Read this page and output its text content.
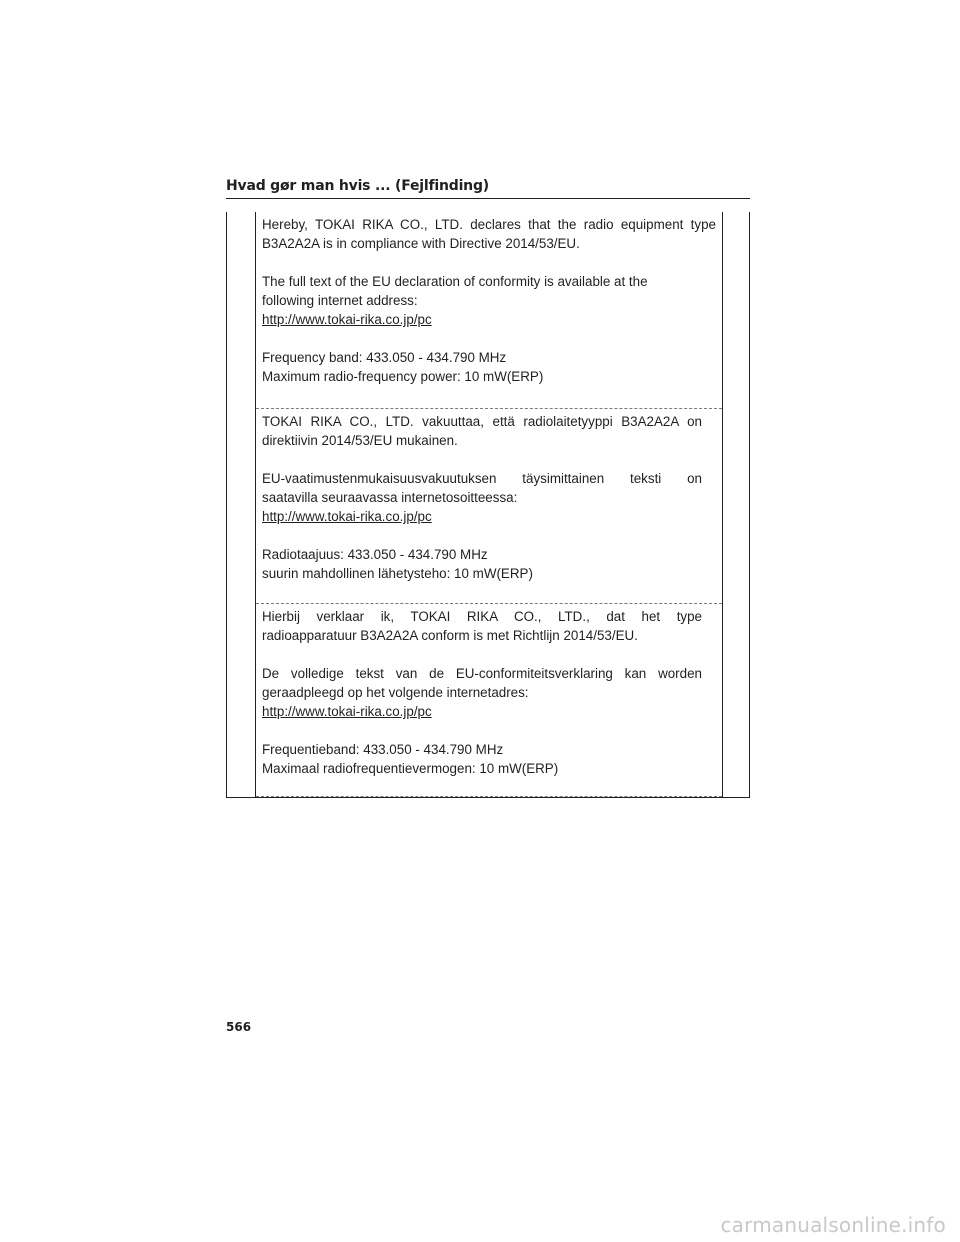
Hvad gør man hvis ... (Fejlfinding)

Hereby, TOKAI RIKA CO., LTD. declares that the radio equipment type

B3A2A2A is in compliance with Directive 2014/53/EU.

The full text of the EU declaration of conformity is available at the

following internet address:

http://www.tokai-rika.co.jp/pc

Frequency band: 433.050 - 434.790 MHz

Maximum radio-frequency power: 10 mW(ERP)

TOKAI RIKA CO., LTD. vakuuttaa, että radiolaitetyyppi B3A2A2A on

direktiivin 2014/53/EU mukainen.

EU-vaatimustenmukaisuusvakuutuksen täysimittainen teksti on

saatavilla seuraavassa internetosoitteessa:

http://www.tokai-rika.co.jp/pc

Radiotaajuus: 433.050 - 434.790 MHz

suurin mahdollinen lähetysteho: 10 mW(ERP)

Hierbij verklaar ik, TOKAI RIKA CO., LTD., dat het type

radioapparatuur B3A2A2A conform is met Richtlijn 2014/53/EU.

De volledige tekst van de EU-conformiteitsverklaring kan worden

geraadpleegd op het volgende internetadres:

http://www.tokai-rika.co.jp/pc

Frequentieband: 433.050 - 434.790 MHz

Maximaal radiofrequentievermogen: 10 mW(ERP)

566
carmanualsonline.info
